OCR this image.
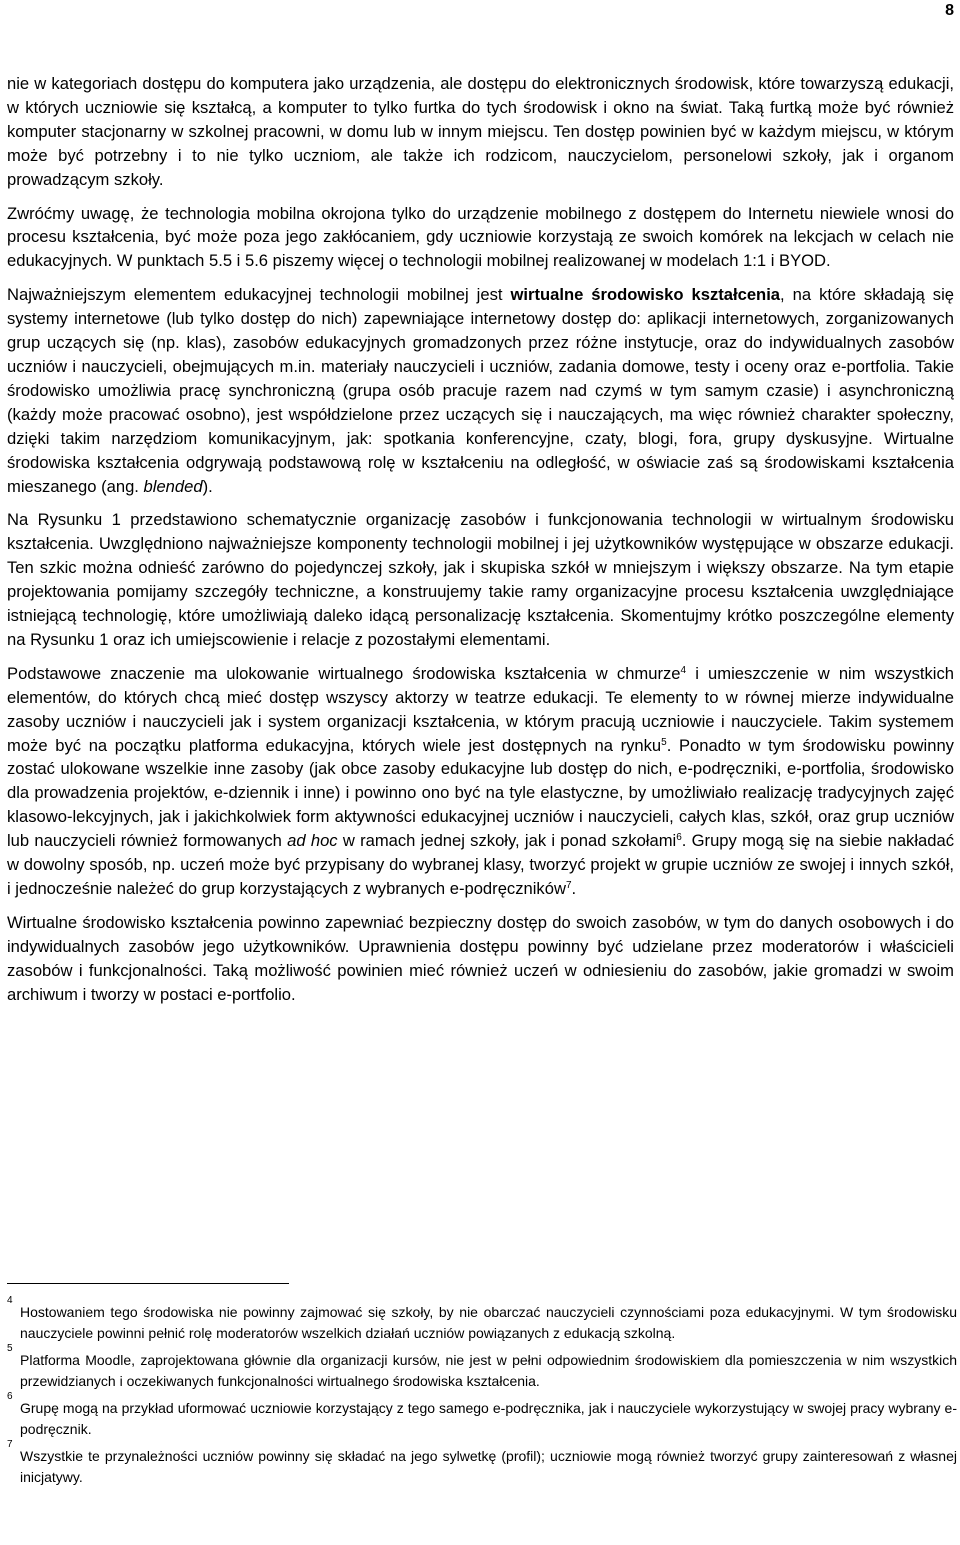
8

nie w kategoriach dostępu do komputera jako urządzenia, ale dostępu do elektronicznych środowisk, które towarzyszą edukacji, w których uczniowie się kształcą, a komputer to tylko furtka do tych środowisk i okno na świat. Taką furtką może być również komputer stacjonarny w szkolnej pracowni, w domu lub w innym miejscu. Ten dostęp powinien być w każdym miejscu, w którym może być potrzebny i to nie tylko uczniom, ale także ich rodzicom, nauczycielom, personelowi szkoły, jak i organom prowadzącym szkoły.

Zwróćmy uwagę, że technologia mobilna okrojona tylko do urządzenie mobilnego z dostępem do Internetu niewiele wnosi do procesu kształcenia, być może poza jego zakłócaniem, gdy uczniowie korzystają ze swoich komórek na lekcjach w celach nie edukacyjnych. W punktach 5.5 i 5.6 piszemy więcej o technologii mobilnej realizowanej w modelach 1:1 i BYOD.

Najważniejszym elementem edukacyjnej technologii mobilnej jest wirtualne środowisko kształcenia, na które składają się systemy internetowe (lub tylko dostęp do nich) zapewniające internetowy dostęp do: aplikacji internetowych, zorganizowanych grup uczących się (np. klas), zasobów edukacyjnych gromadzonych przez różne instytucje, oraz do indywidualnych zasobów uczniów i nauczycieli, obejmujących m.in. materiały nauczycieli i uczniów, zadania domowe, testy i oceny oraz e-portfolia. Takie środowisko umożliwia pracę synchroniczną (grupa osób pracuje razem nad czymś w tym samym czasie) i asynchroniczną (każdy może pracować osobno), jest współdzielone przez uczących się i nauczających, ma więc również charakter społeczny, dzięki takim narzędziom komunikacyjnym, jak: spotkania konferencyjne, czaty, blogi, fora, grupy dyskusyjne. Wirtualne środowiska kształcenia odgrywają podstawową rolę w kształceniu na odległość, w oświacie zaś są środowiskami kształcenia mieszanego (ang. blended).

Na Rysunku 1 przedstawiono schematycznie organizację zasobów i funkcjonowania technologii w wirtualnym środowisku kształcenia. Uwzględniono najważniejsze komponenty technologii mobilnej i jej użytkowników występujące w obszarze edukacji. Ten szkic można odnieść zarówno do pojedynczej szkoły, jak i skupiska szkół w mniejszym i większy obszarze. Na tym etapie projektowania pomijamy szczegóły techniczne, a konstruujemy takie ramy organizacyjne procesu kształcenia uwzględniające istniejącą technologię, które umożliwiają daleko idącą personalizację kształcenia. Skomentujmy krótko poszczególne elementy na Rysunku 1 oraz ich umiejscowienie i relacje z pozostałymi elementami.

Podstawowe znaczenie ma ulokowanie wirtualnego środowiska kształcenia w chmurze$^4$ i umieszczenie w nim wszystkich elementów, do których chcą mieć dostęp wszyscy aktorzy w teatrze edukacji. Te elementy to w równej mierze indywidualne zasoby uczniów i nauczycieli jak i system organizacji kształcenia, w którym pracują uczniowie i nauczyciele. Takim systemem może być na początku platforma edukacyjna, których wiele jest dostępnych na rynku$^5$. Ponadto w tym środowisku powinny zostać ulokowane wszelkie inne zasoby (jak obce zasoby edukacyjne lub dostęp do nich, e-podręczniki, e-portfolia, środowisko dla prowadzenia projektów, e-dziennik i inne) i powinno ono być na tyle elastyczne, by umożliwiało realizację tradycyjnych zajęć klasowo-lekcyjnych, jak i jakichkolwiek form aktywności edukacyjnej uczniów i nauczycieli, całych klas, szkół, oraz grup uczniów lub nauczycieli również formowanych ad hoc w ramach jednej szkoły, jak i ponad szkołami$^6$. Grupy mogą się na siebie nakładać w dowolny sposób, np. uczeń może być przypisany do wybranej klasy, tworzyć projekt w grupie uczniów ze swojej i innych szkół, i jednocześnie należeć do grup korzystających z wybranych e-podręczników$^7$.

Wirtualne środowisko kształcenia powinno zapewniać bezpieczny dostęp do swoich zasobów, w tym do danych osobowych i do indywidualnych zasobów jego użytkowników. Uprawnienia dostępu powinny być udzielane przez moderatorów i właścicieli zasobów i funkcjonalności. Taką możliwość powinien mieć również uczeń w odniesieniu do zasobów, jakie gromadzi w swoim archiwum i tworzy w postaci e-portfolio.

4
Hostowaniem tego środowiska nie powinny zajmować się szkoły, by nie obarczać nauczycieli czynnościami poza edukacyjnymi. W tym środowisku nauczyciele powinni pełnić rolę moderatorów wszelkich działań uczniów powiązanych z edukacją szkolną.

5
Platforma Moodle, zaprojektowana głównie dla organizacji kursów, nie jest w pełni odpowiednim środowiskiem dla pomieszczenia w nim wszystkich przewidzianych i oczekiwanych funkcjonalności wirtualnego środowiska kształcenia.

6
Grupę mogą na przykład uformować uczniowie korzystający z tego samego e-podręcznika, jak i nauczyciele wykorzystujący w swojej pracy wybrany e-podręcznik.

7
Wszystkie te przynależności uczniów powinny się składać na jego sylwetkę (profil); uczniowie mogą również tworzyć grupy zainteresowań z własnej inicjatywy.
